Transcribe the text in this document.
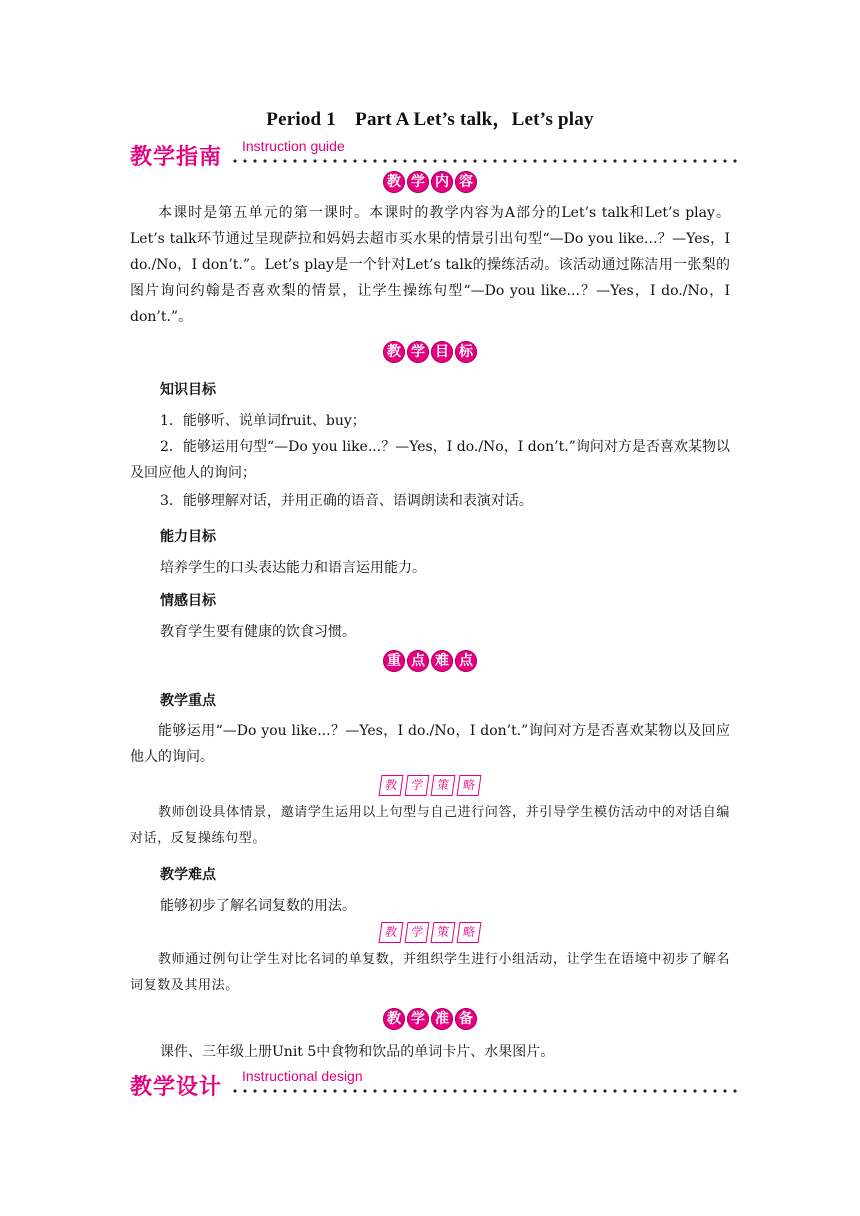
Period 1　Part A Let’s talk，Let’s play
教学指南 Instruction guide
教 学 内 容

本课时是第五单元的第一课时。本课时的教学内容为A部分的Let’s talk和Let’s play。Let’s talk环节通过呈现萨拉和妈妈去超市买水果的情景引出句型“—Do you like...？—Yes，I do./No，I don’t.”。Let’s play是一个针对Let’s talk的操练活动。该活动通过陈洁用一张梨的图片询问约翰是否喜欢梨的情景，让学生操练句型“—Do you like...？—Yes，I do./No，I don’t.”。

教 学 目 标
知识目标

1．能够听、说单词fruit、buy；

2．能够运用句型“—Do you like...？—Yes，I do./No，I don’t.”询问对方是否喜欢某物以及回应他人的询问；

3．能够理解对话，并用正确的语音、语调朗读和表演对话。

能力目标

培养学生的口头表达能力和语言运用能力。

情感目标

教育学生要有健康的饮食习惯。

重 点 难 点
教学重点

能够运用“—Do you like...？—Yes，I do./No，I don’t.”询问对方是否喜欢某物以及回应他人的询问。

教 学 策 略

教师创设具体情景，邀请学生运用以上句型与自己进行问答，并引导学生模仿活动中的对话自编对话，反复操练句型。

教学难点

能够初步了解名词复数的用法。

教 学 策 略

教师通过例句让学生对比名词的单复数，并组织学生进行小组活动，让学生在语境中初步了解名词复数及其用法。

教 学 准 备

课件、三年级上册Unit 5中食物和饮品的单词卡片、水果图片。

教学设计 Instructional design
